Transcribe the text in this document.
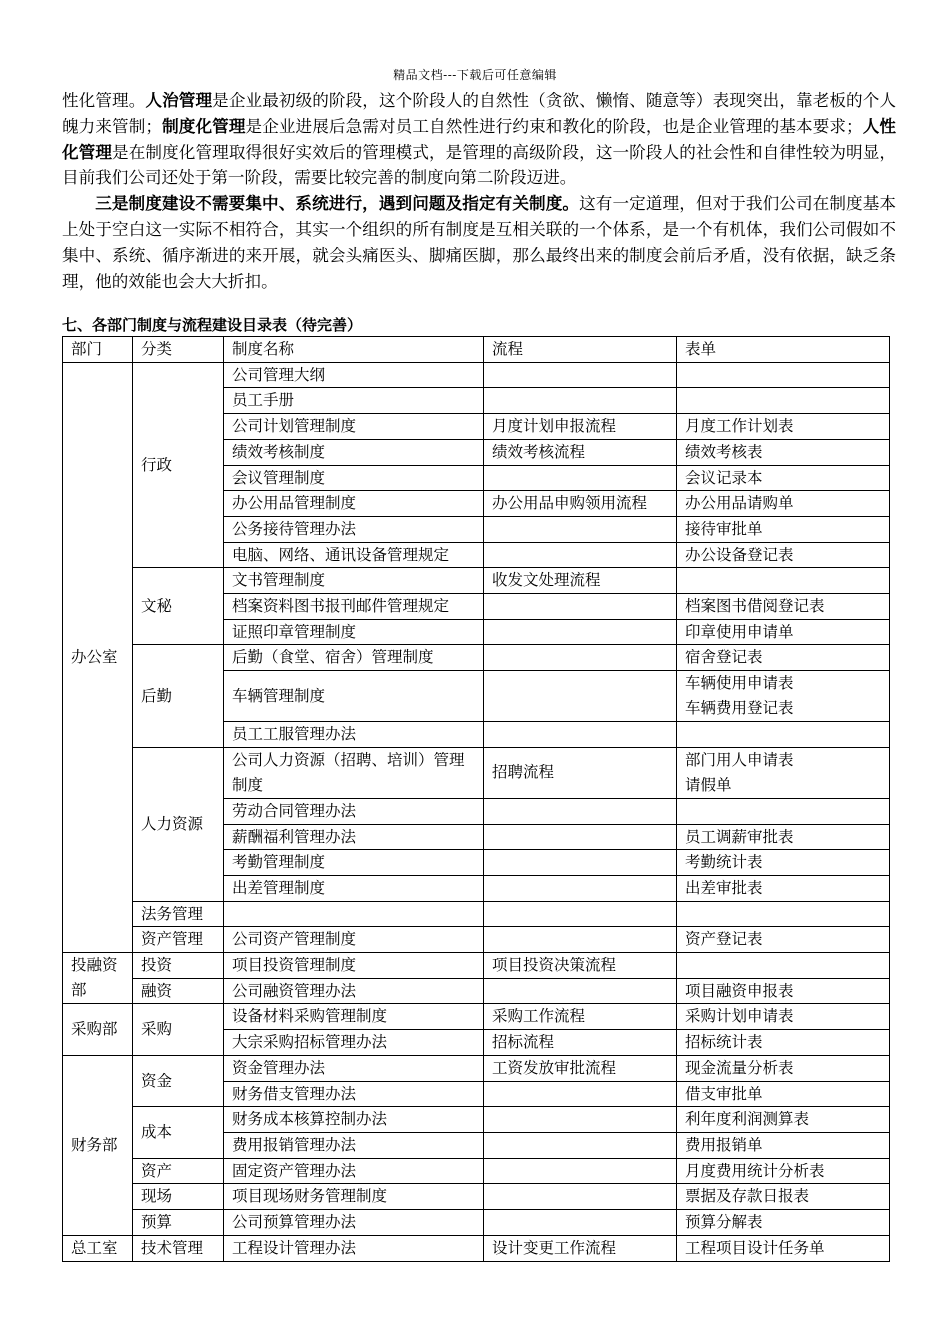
精品文档---下载后可任意编辑

性化管理。人治管理是企业最初级的阶段，这个阶段人的自然性（贪欲、懒惰、随意等）表现突出，靠老板的个人魄力来管制；制度化管理是企业进展后急需对员工自然性进行约束和教化的阶段，也是企业管理的基本要求；人性化管理是在制度化管理取得很好实效后的管理模式，是管理的高级阶段，这一阶段人的社会性和自律性较为明显，目前我们公司还处于第一阶段，需要比较完善的制度向第二阶段迈进。

三是制度建设不需要集中、系统进行，遇到问题及指定有关制度。这有一定道理，但对于我们公司在制度基本上处于空白这一实际不相符合，其实一个组织的所有制度是互相关联的一个体系，是一个有机体，我们公司假如不集中、系统、循序渐进的来开展，就会头痛医头、脚痛医脚，那么最终出来的制度会前后矛盾，没有依据，缺乏条理，他的效能也会大大折扣。

七、各部门制度与流程建设目录表（待完善）
部门	分类	制度名称	流程	表单
办公室	行政	公司管理大纲		
		员工手册		
		公司计划管理制度	月度计划申报流程	月度工作计划表
		绩效考核制度	绩效考核流程	绩效考核表
		会议管理制度		会议记录本
		办公用品管理制度	办公用品申购领用流程	办公用品请购单
		公务接待管理办法		接待审批单
		电脑、网络、通讯设备管理规定		办公设备登记表
	文秘	文书管理制度	收发文处理流程	
		档案资料图书报刊邮件管理规定		档案图书借阅登记表
		证照印章管理制度		印章使用申请单
	后勤	后勤（食堂、宿舍）管理制度		宿舍登记表
		车辆管理制度		车辆使用申请表
车辆费用登记表
		员工工服管理办法		
	人力资源	公司人力资源（招聘、培训）管理制度	招聘流程	部门用人申请表
请假单
		劳动合同管理办法		
		薪酬福利管理办法		员工调薪审批表
		考勤管理制度		考勤统计表
		出差管理制度		出差审批表
	法务管理			
	资产管理	公司资产管理制度		资产登记表
投融资部	投资	项目投资管理制度	项目投资决策流程	
	融资	公司融资管理办法		项目融资申报表
采购部	采购	设备材料采购管理制度	采购工作流程	采购计划申请表
		大宗采购招标管理办法	招标流程	招标统计表
财务部	资金	资金管理办法	工资发放审批流程	现金流量分析表
		财务借支管理办法		借支审批单
	成本	财务成本核算控制办法		利年度利润测算表
		费用报销管理办法		费用报销单
	资产	固定资产管理办法		月度费用统计分析表
	现场	项目现场财务管理制度		票据及存款日报表
	预算	公司预算管理办法		预算分解表
总工室	技术管理	工程设计管理办法	设计变更工作流程	工程项目设计任务单
